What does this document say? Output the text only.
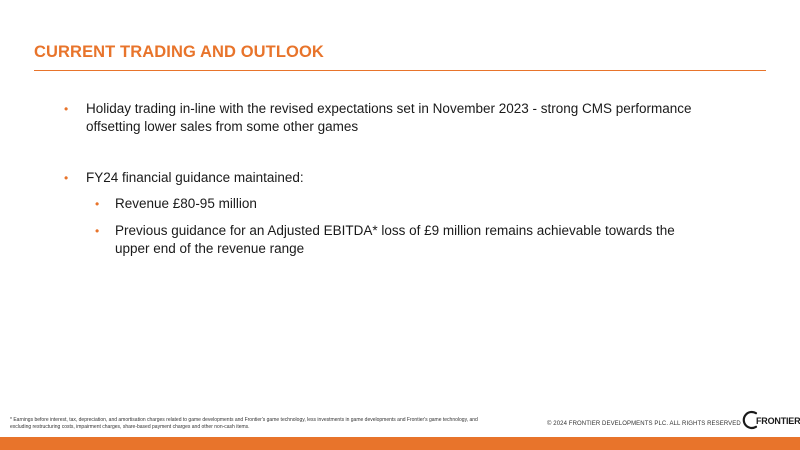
CURRENT TRADING AND OUTLOOK
•	Holiday trading in-line with the revised expectations set in November 2023 - strong CMS performance offsetting lower sales from some other games
•	FY24 financial guidance maintained:
•	Revenue £80-95 million
•	Previous guidance for an Adjusted EBITDA* loss of £9 million remains achievable towards the upper end of the revenue range
* Earnings before interest, tax, depreciation, and amortisation charges related to game developments and Frontier's game technology, less investments in game developments and Frontier's game technology, and excluding restructuring costs, impairment charges, share-based payment charges and other non-cash items.	© 2024 FRONTIER DEVELOPMENTS PLC. ALL RIGHTS RESERVED FRONTIER
